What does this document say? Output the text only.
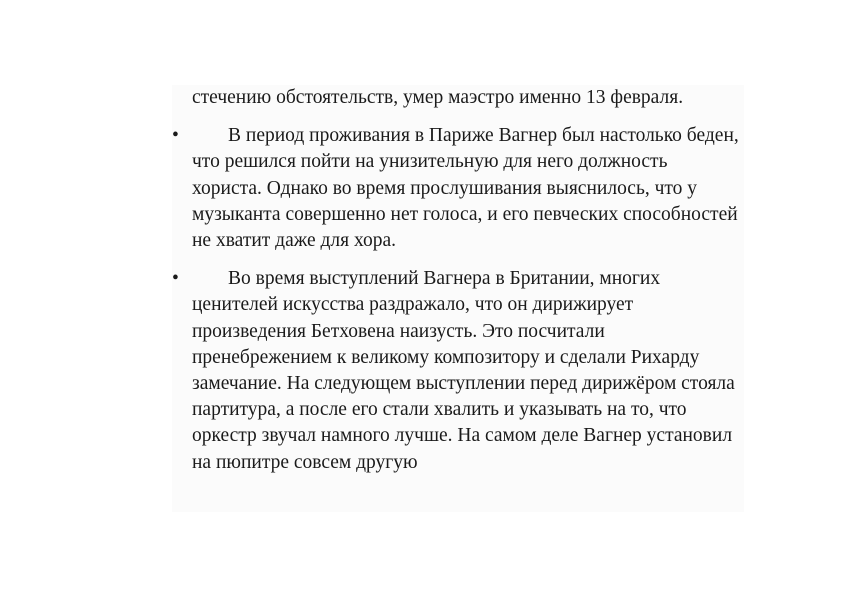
стечению обстоятельств, умер маэстро именно 13 февраля.

•	В период проживания в Париже Вагнер был настолько беден, что решился пойти на унизительную для него должность хориста. Однако во время прослушивания выяснилось, что у музыканта совершенно нет голоса, и его певческих способностей не хватит даже для хора.

•	Во время выступлений Вагнера в Британии, многих ценителей искусства раздражало, что он дирижирует произведения Бетховена наизусть. Это посчитали пренебрежением к великому композитору и сделали Рихарду замечание. На следующем выступлении перед дирижёром стояла партитура, а после его стали хвалить и указывать на то, что оркестр звучал намного лучше. На самом деле Вагнер установил на пюпитре совсем другую
